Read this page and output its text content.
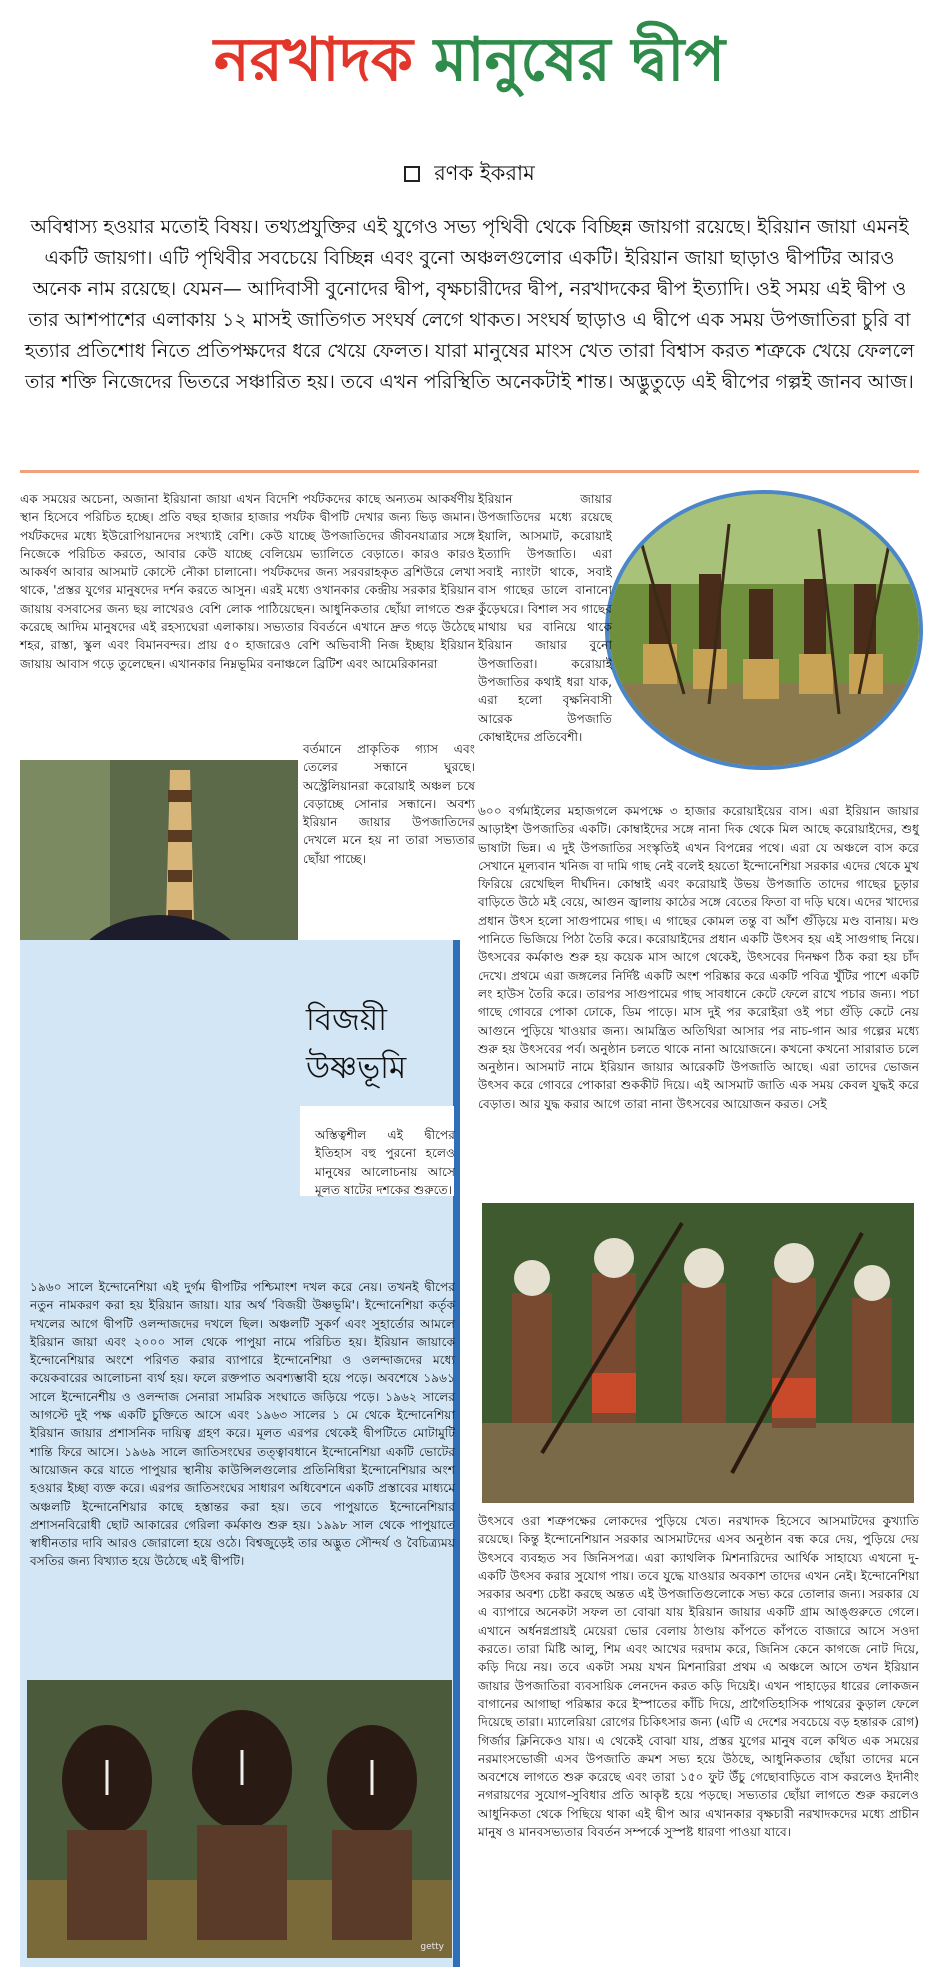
নরখাদক মানুষের দ্বীপ
রণক ইকরাম
অবিশ্বাস্য হওয়ার মতোই বিষয়। তথ্যপ্রযুক্তির এই যুগেও সভ্য পৃথিবী থেকে বিচ্ছিন্ন জায়গা রয়েছে। ইরিয়ান জায়া এমনই একটি জায়গা। এটি পৃথিবীর সবচেয়ে বিচ্ছিন্ন এবং বুনো অঞ্চলগুলোর একটি। ইরিয়ান জায়া ছাড়াও দ্বীপটির আরও অনেক নাম রয়েছে। যেমন— আদিবাসী বুনোদের দ্বীপ, বৃক্ষচারীদের দ্বীপ, নরখাদকের দ্বীপ ইত্যাদি। ওই সময় এই দ্বীপ ও তার আশপাশের এলাকায় ১২ মাসই জাতিগত সংঘর্ষ লেগে থাকত। সংঘর্ষ ছাড়াও এ দ্বীপে এক সময় উপজাতিরা চুরি বা হত্যার প্রতিশোধ নিতে প্রতিপক্ষদের ধরে খেয়ে ফেলত। যারা মানুষের মাংস খেত তারা বিশ্বাস করত শত্রুকে খেয়ে ফেললে তার শক্তি নিজেদের ভিতরে সঞ্চারিত হয়। তবে এখন পরিস্থিতি অনেকটাই শান্ত। অদ্ভুতুড়ে এই দ্বীপের গল্পই জানব আজ।

এক সময়ের অচেনা, অজানা ইরিয়ানা জায়া এখন বিদেশি পর্যটকদের কাছে অন্যতম আকর্ষণীয় স্থান হিসেবে পরিচিত হচ্ছে। প্রতি বছর হাজার হাজার পর্যটক দ্বীপটি দেখার জন্য ভিড় জমান। পর্যটকদের মধ্যে ইউরোপিয়ানদের সংখ্যাই বেশি। কেউ যাচ্ছে উপজাতিদের জীবনযাত্রার সঙ্গে নিজেকে পরিচিত করতে, আবার কেউ যাচ্ছে বেলিয়েম ভ্যালিতে বেড়াতে। কারও কারও আকর্ষণ আবার আসমাট কোস্টে নৌকা চালানো। পর্যটকদের জন্য সরবরাহকৃত ব্রশিউরে লেখা থাকে, 'প্রস্তর যুগের মানুষদের দর্শন করতে আসুন। এরই মধ্যে ওখানকার কেন্দ্রীয় সরকার ইরিয়ান জায়ায় বসবাসের জন্য ছয় লাখেরও বেশি লোক পাঠিয়েছেন। আধুনিকতার ছোঁয়া লাগতে শুরু করেছে আদিম মানুষদের এই রহস্যঘেরা এলাকায়। সভ্যতার বিবর্তনে এখানে দ্রুত গড়ে উঠেছে শহর, রাস্তা, স্কুল এবং বিমানবন্দর। প্রায় ৫০ হাজারেও বেশি অভিবাসী নিজ ইচ্ছায় ইরিয়ান জায়ায় আবাস গড়ে তুলেছেন। এখানকার নিম্নভূমির বনাঞ্চলে ব্রিটিশ এবং আমেরিকানরা

ইরিয়ান জায়ার উপজাতিদের মধ্যে রয়েছে ইয়ালি, আসমাট, করোয়াই ইত্যাদি উপজাতি। এরা সবাই ন্যাংটা থাকে, সবাই বাস গাছের ডালে বানানো কুঁড়েঘরে। বিশাল সব গাছের মাথায় ঘর বানিয়ে থাকে ইরিয়ান জায়ার বুনো উপজাতিরা। করোয়াই উপজাতির কথাই ধরা যাক, এরা হলো বৃক্ষনিবাসী আরেক উপজাতি কোম্বাইদের প্রতিবেশী।

বর্তমানে প্রাকৃতিক গ্যাস এবং তেলের সন্ধানে ঘুরছে। অস্ট্রেলিয়ানরা করোয়াই অঞ্চল চষে বেড়াচ্ছে সোনার সন্ধানে। অবশ্য ইরিয়ান জায়ার উপজাতিদের দেখলে মনে হয় না তারা সভ্যতার ছোঁয়া পাচ্ছে।

বিজয়ী
উষ্ণভূমি

অস্তিত্বশীল এই দ্বীপের ইতিহাস বহু পুরনো হলেও মানুষের আলোচনায় আসে মূলত ষাটের দশকের শুরুতে।

১৯৬০ সালে ইন্দোনেশিয়া এই দুর্গম দ্বীপটির পশ্চিমাংশ দখল করে নেয়। তখনই দ্বীপের নতুন নামকরণ করা হয় ইরিয়ান জায়া। যার অর্থ 'বিজয়ী উষ্ণভূমি'। ইন্দোনেশিয়া কর্তৃক দখলের আগে দ্বীপটি ওলন্দাজদের দখলে ছিল। অঞ্চলটি সুকর্ণ এবং সুহার্তোর আমলে ইরিয়ান জায়া এবং ২০০০ সাল থেকে পাপুয়া নামে পরিচিত হয়। ইরিয়ান জায়াকে ইন্দোনেশিয়ার অংশে পরিণত করার ব্যাপারে ইন্দোনেশিয়া ও ওলন্দাজদের মধ্যে কয়েকবারের আলোচনা ব্যর্থ হয়। ফলে রক্তপাত অবশ্যম্ভাবী হয়ে পড়ে। অবশেষে ১৯৬১ সালে ইন্দোনেশীয় ও ওলন্দাজ সেনারা সামরিক সংঘাতে জড়িয়ে পড়ে। ১৯৬২ সালের আগস্টে দুই পক্ষ একটি চুক্তিতে আসে এবং ১৯৬৩ সালের ১ মে থেকে ইন্দোনেশিয়া ইরিয়ান জায়ার প্রশাসনিক দায়িত্ব গ্রহণ করে। মূলত এরপর থেকেই দ্বীপটিতে মোটামুটি শান্তি ফিরে আসে। ১৯৬৯ সালে জাতিসংঘের তত্ত্বাবধানে ইন্দোনেশিয়া একটি ভোটের আয়োজন করে যাতে পাপুয়ার স্থানীয় কাউন্সিলগুলোর প্রতিনিধিরা ইন্দোনেশিয়ার অংশ হওয়ার ইচ্ছা ব্যক্ত করে। এরপর জাতিসংঘের সাধারণ অধিবেশনে একটি প্রস্তাবের মাধ্যমে অঞ্চলটি ইন্দোনেশিয়ার কাছে হস্তান্তর করা হয়। তবে পাপুয়াতে ইন্দোনেশিয়ার প্রশাসনবিরোধী ছোট আকারের গেরিলা কর্মকাণ্ড শুরু হয়। ১৯৯৮ সাল থেকে পাপুয়াতে স্বাধীনতার দাবি আরও জোরালো হয়ে ওঠে। বিশ্বজুড়েই তার অদ্ভুত সৌন্দর্য ও বৈচিত্র্যময় বসতির জন্য বিখ্যাত হয়ে উঠেছে এই দ্বীপটি।

getty

৬০০ বর্গমাইলের মহাজগলে কমপক্ষে ৩ হাজার করোয়াইয়ের বাস। এরা ইরিয়ান জায়ার আড়াইশ উপজাতির একটি। কোম্বাইদের সঙ্গে নানা দিক থেকে মিল আছে করোয়াইদের, শুধু ভাষাটা ভিন্ন। এ দুই উপজাতির সংস্কৃতিই এখন বিপন্নের পথে। এরা যে অঞ্চলে বাস করে সেখানে মূল্যবান খনিজ বা দামি গাছ নেই বলেই হয়তো ইন্দোনেশিয়া সরকার এদের থেকে মুখ ফিরিয়ে রেখেছিল দীর্ঘদিন। কোম্বাই এবং করোয়াই উভয় উপজাতি তাদের গাছের চূড়ার বাড়িতে উঠে মই বেয়ে, আগুন জ্বালায় কাঠের সঙ্গে বেতের ফিতা বা দড়ি ঘষে। এদের খাদ্যের প্রধান উৎস হলো সাগুপামের গাছ। এ গাছের কোমল তন্তু বা আঁশ গুঁড়িয়ে মণ্ড বানায়। মণ্ড পানিতে ভিজিয়ে পিঠা তৈরি করে। করোয়াইদের প্রধান একটি উৎসব হয় এই সাগুগাছ নিয়ে। উৎসবের কর্মকাণ্ড শুরু হয় কয়েক মাস আগে থেকেই, উৎসবের দিনক্ষণ ঠিক করা হয় চাঁদ দেখে। প্রথমে এরা জঙ্গলের নির্দিষ্ট একটি অংশ পরিষ্কার করে একটি পবিত্র খুঁটির পাশে একটি লং হাউস তৈরি করে। তারপর সাগুপামের গাছ সাবধানে কেটে ফেলে রাখে পচার জন্য। পচা গাছে গোবরে পোকা ঢোকে, ডিম পাড়ে। মাস দুই পর করোইরা ওই পচা গুঁড়ি কেটে নেয় আগুনে পুড়িয়ে খাওয়ার জন্য। আমন্ত্রিত অতিথিরা আসার পর নাচ-গান আর গল্পের মধ্যে শুরু হয় উৎসবের পর্ব। অনুষ্ঠান চলতে থাকে নানা আয়োজনে। কখনো কখনো সারারাত চলে অনুষ্ঠান। আসমাট নামে ইরিয়ান জায়ার আরেকটি উপজাতি আছে। এরা তাদের ভোজন উৎসব করে গোবরে পোকারা শুককীট দিয়ে। এই আসমাট জাতি এক সময় কেবল যুদ্ধই করে বেড়াত। আর যুদ্ধ করার আগে তারা নানা উৎসবের আয়োজন করত। সেই

উৎসবে ওরা শত্রুপক্ষের লোকদের পুড়িয়ে খেত। নরখাদক হিসেবে আসমাটদের কুখ্যাতি রয়েছে। কিন্তু ইন্দোনেশিয়ান সরকার আসমাটদের এসব অনুষ্ঠান বন্ধ করে দেয়, পুড়িয়ে দেয় উৎসবে ব্যবহৃত সব জিনিসপত্র। এরা ক্যাথলিক মিশনারিদের আর্থিক সাহায্যে এখনো দু-একটি উৎসব করার সুযোগ পায়। তবে যুদ্ধে যাওয়ার অবকাশ তাদের এখন নেই। ইন্দোনেশিয়া সরকার অবশ্য চেষ্টা করছে অন্তত এই উপজাতিগুলোকে সভ্য করে তোলার জন্য। সরকার যে এ ব্যাপারে অনেকটা সফল তা বোঝা যায় ইরিয়ান জায়ার একটি গ্রাম আঙ্গুরুতে গেলে। এখানে অর্ধনগ্নপ্রায়ই মেয়েরা ভোর বেলায় ঠাণ্ডায় কাঁপতে কাঁপতে বাজারে আসে সওদা করতে। তারা মিষ্টি আলু, শিম এবং আখের দরদাম করে, জিনিস কেনে কাগজে নোট দিয়ে, কড়ি দিয়ে নয়। তবে একটা সময় যখন মিশনারিরা প্রথম এ অঞ্চলে আসে তখন ইরিয়ান জায়ার উপজাতিরা ব্যবসায়িক লেনদেন করত কড়ি দিয়েই। এখন পাহাড়ের ধারের লোকজন বাগানের আগাছা পরিষ্কার করে ইস্পাতের কাঁচি দিয়ে, প্রাগৈতিহাসিক পাথরের কুড়াল ফেলে দিয়েছে তারা। ম্যালেরিয়া রোগের চিকিৎসার জন্য (এটি এ দেশের সবচেয়ে বড় হন্তারক রোগ) গির্জার ক্লিনিকেও যায়। এ থেকেই বোঝা যায়, প্রস্তর যুগের মানুষ বলে কথিত এক সময়ের নরমাংসভোজী এসব উপজাতি ক্রমশ সভ্য হয়ে উঠছে, আধুনিকতার ছোঁয়া তাদের মনে অবশেষে লাগতে শুরু করেছে এবং তারা ১৫০ ফুট উঁচু গেছোবাড়িতে বাস করলেও ইদানীং নগরায়ণের সুযোগ-সুবিধার প্রতি আকৃষ্ট হয়ে পড়ছে। সভ্যতার ছোঁয়া লাগতে শুরু করলেও আধুনিকতা থেকে পিছিয়ে থাকা এই দ্বীপ আর এখানকার বৃক্ষচারী নরখাদকদের মধ্যে প্রাচীন মানুষ ও মানবসভ্যতার বিবর্তন সম্পর্কে সুস্পষ্ট ধারণা পাওয়া যাবে।
